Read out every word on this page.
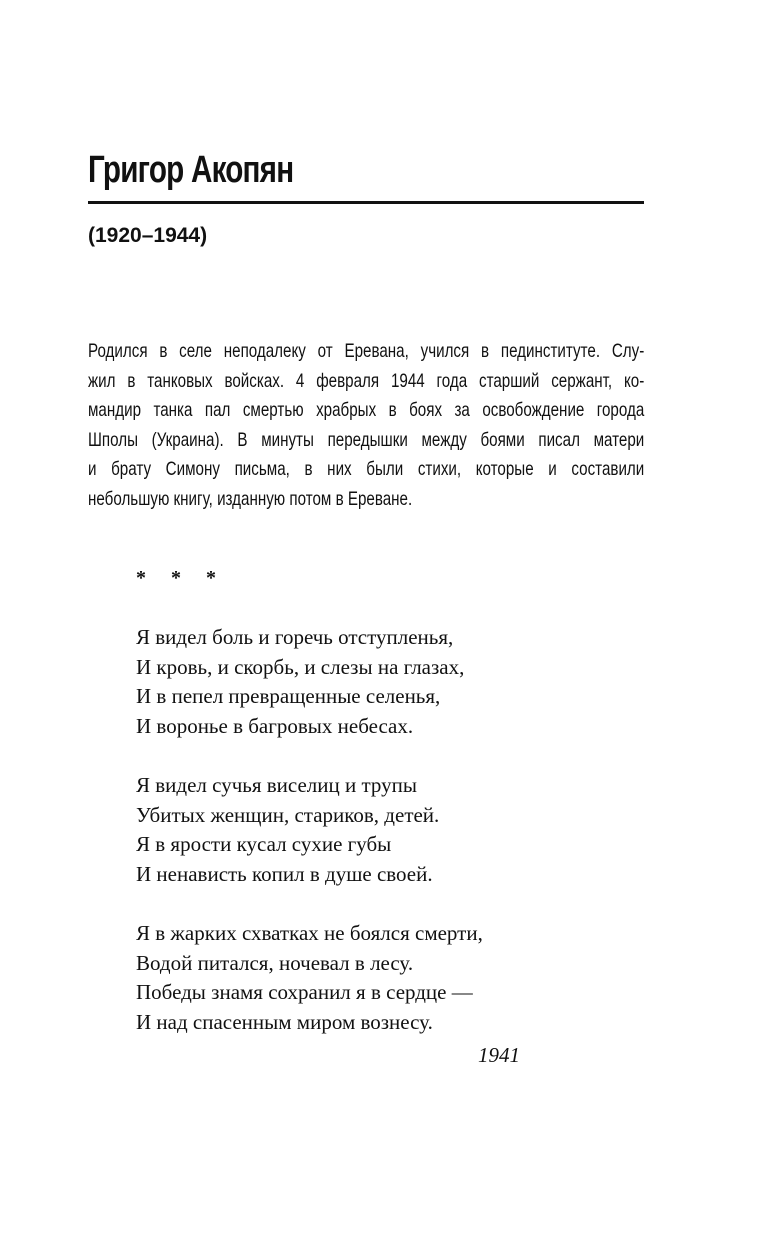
Григор Акопян
(1920–1944)
Родился в селе неподалеку от Еревана, учился в пединституте. Слу-
жил в танковых войсках. 4 февраля 1944 года старший сержант, ко-
мандир танка пал смертью храбрых в боях за освобождение города
Шполы (Украина). В минуты передышки между боями писал матери
и брату Симону письма, в них были стихи, которые и составили
небольшую книгу, изданную потом в Ереване.
* * *
Я видел боль и горечь отступленья,
И кровь, и скорбь, и слезы на глазах,
И в пепел превращенные селенья,
И воронье в багровых небесах.
Я видел сучья виселиц и трупы
Убитых женщин, стариков, детей.
Я в ярости кусал сухие губы
И ненависть копил в душе своей.
Я в жарких схватках не боялся смерти,
Водой питался, ночевал в лесу.
Победы знамя сохранил я в сердце —
И над спасенным миром вознесу.
1941
